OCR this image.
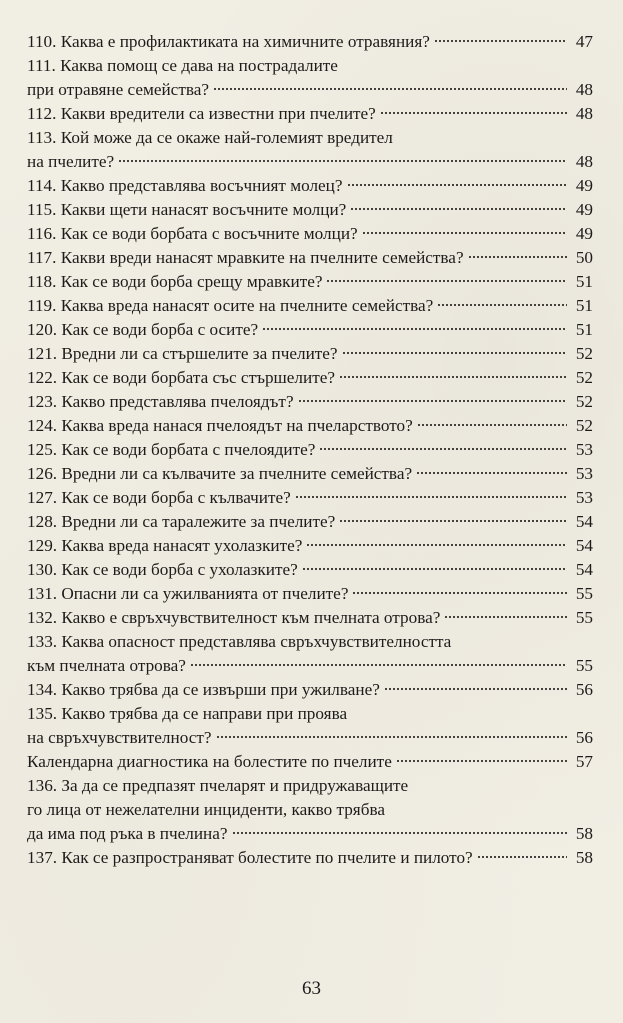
110. Каква е профилактиката на химичните отравяния?	47
111. Каква помощ се дава на пострадалите
при отравяне семейства?	48
112. Какви вредители са известни при пчелите?	48
113. Кой може да се окаже най-големият вредител
на пчелите?	48
114. Какво представлява восъчният молец?	49
115. Какви щети нанасят восъчните молци?	49
116. Как се води борбата с восъчните молци?	49
117. Какви вреди нанасят мравките на пчелните семейства?	50
118. Как се води борба срещу мравките?	51
119. Каква вреда нанасят осите на пчелните семейства?	51
120. Как се води борба с осите?	51
121. Вредни ли са стършелите за пчелите?	52
122. Как се води борбата със стършелите?	52
123. Какво представлява пчелоядът?	52
124. Каква вреда нанася пчелоядът на пчеларството?	52
125. Как се води борбата с пчелоядите?	53
126. Вредни ли са кълвачите за пчелните семейства?	53
127. Как се води борба с кълвачите?	53
128. Вредни ли са таралежите за пчелите?	54
129. Каква вреда нанасят ухолазките?	54
130. Как се води борба с ухолазките?	54
131. Опасни ли са ужилванията от пчелите?	55
132. Какво е свръхчувствителност към пчелната отрова?	55
133. Каква опасност представлява свръхчувствителността
към пчелната отрова?	55
134. Какво трябва да се извърши при ужилване?	56
135. Какво трябва да се направи при проява
на свръхчувствителност?	56
Календарна диагностика на болестите по пчелите	57
136. За да се предпазят пчеларят и придружаващите
го лица от нежелателни инциденти, какво трябва
да има под ръка в пчелина?	58
137. Как се разпространяват болестите по пчелите и пилото?	58
63
